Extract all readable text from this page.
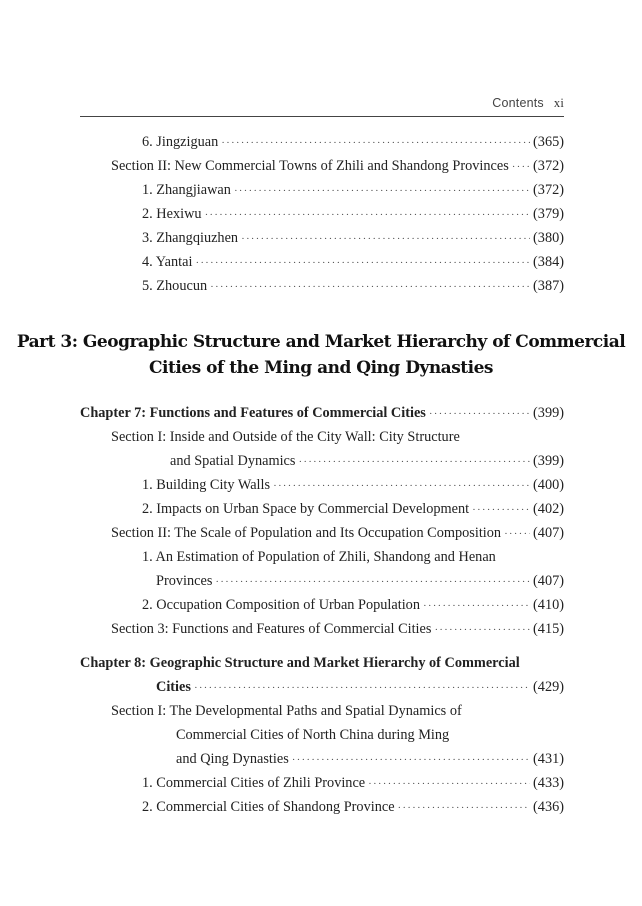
Contents xi
6. Jingziguan ·····	(365)
Section II: New Commercial Towns of Zhili and Shandong Provinces ····· (372)
1. Zhangjiawan ·····	(372)
2. Hexiwu ·····	(379)
3. Zhangqiuzhen ·····	(380)
4. Yantai ·····	(384)
5. Zhoucun ·····	(387)
Part 3: Geographic Structure and Market Hierarchy of Commercial
Cities of the Ming and Qing Dynasties
Chapter 7: Functions and Features of Commercial Cities ·····	(399)
Section I: Inside and Outside of the City Wall: City Structure
and Spatial Dynamics ·····	(399)
1. Building City Walls ·····	(400)
2. Impacts on Urban Space by Commercial Development ·····	(402)
Section II: The Scale of Population and Its Occupation Composition ····· (407)
1. An Estimation of Population of Zhili, Shandong and Henan
Provinces ·····	(407)
2. Occupation Composition of Urban Population ·····	(410)
Section 3: Functions and Features of Commercial Cities ·····	(415)
Chapter 8: Geographic Structure and Market Hierarchy of Commercial
Cities ·····	(429)
Section I: The Developmental Paths and Spatial Dynamics of
Commercial Cities of North China during Ming
and Qing Dynasties ·····	(431)
1. Commercial Cities of Zhili Province ·····	(433)
2. Commercial Cities of Shandong Province ·····	(436)
